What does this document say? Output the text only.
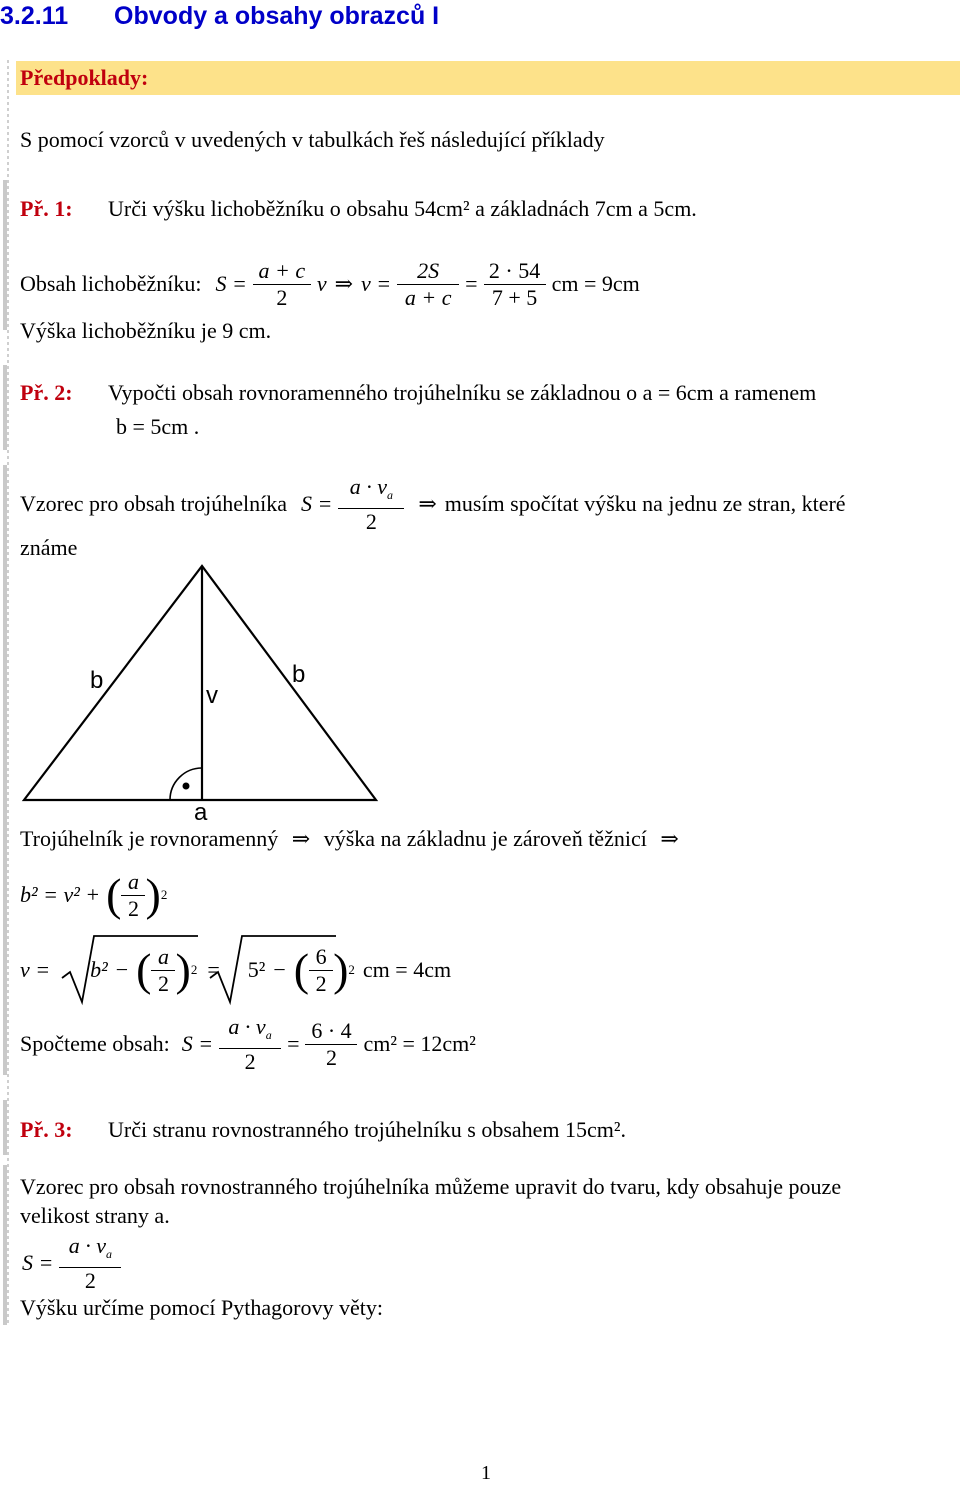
3.2.11 Obvody a obsahy obrazců I
Předpoklady:
S pomocí vzorců v uvedených v tabulkách řeš následující příklady
Př. 1: Urči výšku lichoběžníku o obsahu 54cm² a základnách 7cm a 5cm.
Obsah lichoběžníku: $S = \frac{a + c}{2}$ v ⇒ $v = \frac{2S}{a + c} = \frac{2 \cdot 54}{7 + 5}$ cm = 9cm
Výška lichoběžníku je 9 cm.
Př. 2: Vypočti obsah rovnoramenného trojúhelníku se základnou o a = 6cm a ramenem
b = 5cm .
Vzorec pro obsah trojúhelníka $S = \frac{a \cdot v_a}{2}$ ⇒ musím spočítat výšku na jednu ze stran, které
známe
b
v
b
a
Trojúhelník je rovnoramenný ⇒ výška na základnu je zároveň těžnicí ⇒
b² = v² + ( $\frac{a}{2}$ ) 2
v = b² − ( $\frac{a}{2}$ ) 2 = 5² − ( $\frac{6}{2}$ ) 2 cm = 4cm
Spočteme obsah: $S = \frac{a \cdot v_a}{2} = \frac{6 \cdot 4}{2} cm^2 = 12cm^2$
Př. 3: Urči stranu rovnostranného trojúhelníku s obsahem 15cm².
Vzorec pro obsah rovnostranného trojúhelníka můžeme upravit do tvaru, kdy obsahuje pouze
velikost strany a.
$S = \frac{a \cdot v_a}{2}$
Výšku určíme pomocí Pythagorovy věty:
1
